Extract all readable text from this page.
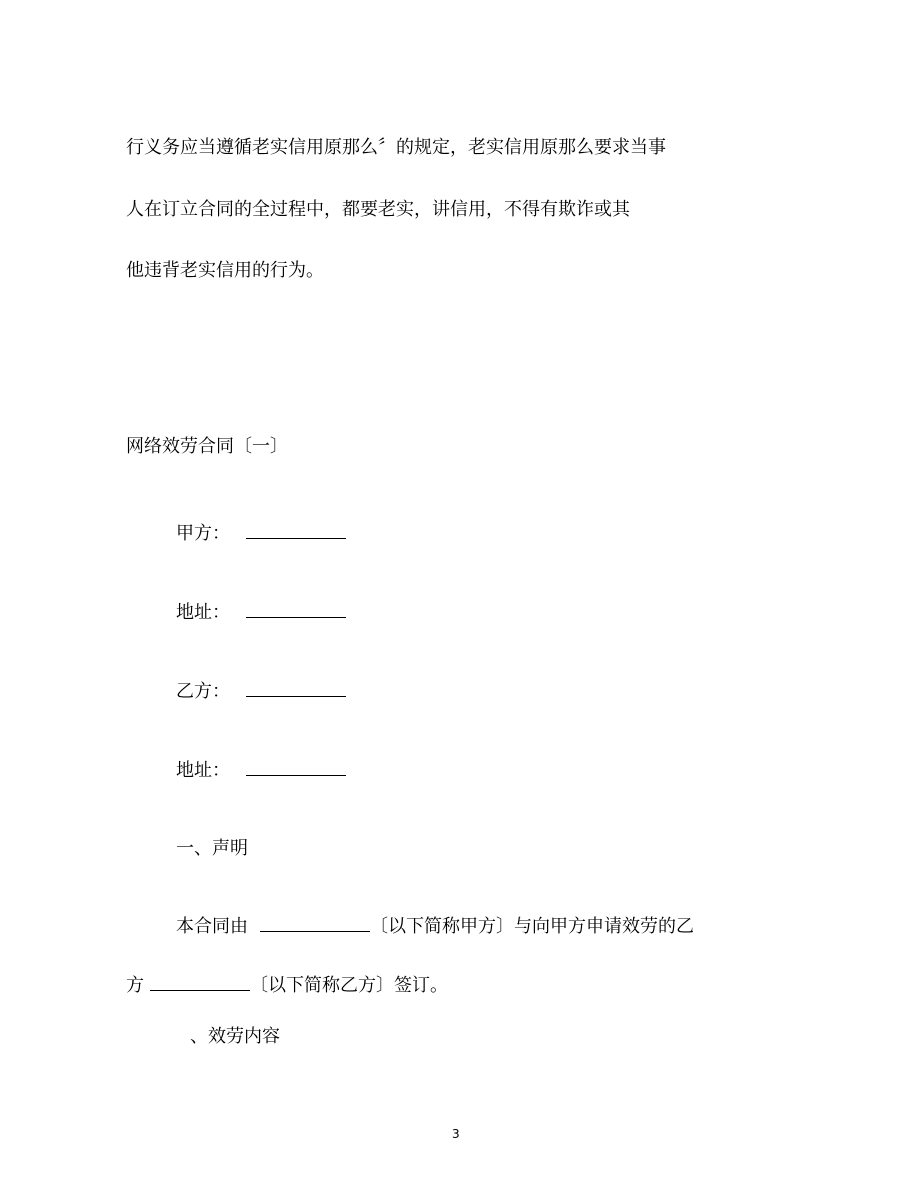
行义务应当遵循老实信用原那么〞的规定，老实信用原那么要求当事
人在订立合同的全过程中，都要老实，讲信用，不得有欺诈或其
他违背老实信用的行为。
网络效劳合同〔一〕
甲方：
地址：
乙方：
地址：
一、声明
本合同由	〔以下简称甲方〕与向甲方申请效劳的乙
方	〔以下简称乙方〕签订。
、效劳内容
3
